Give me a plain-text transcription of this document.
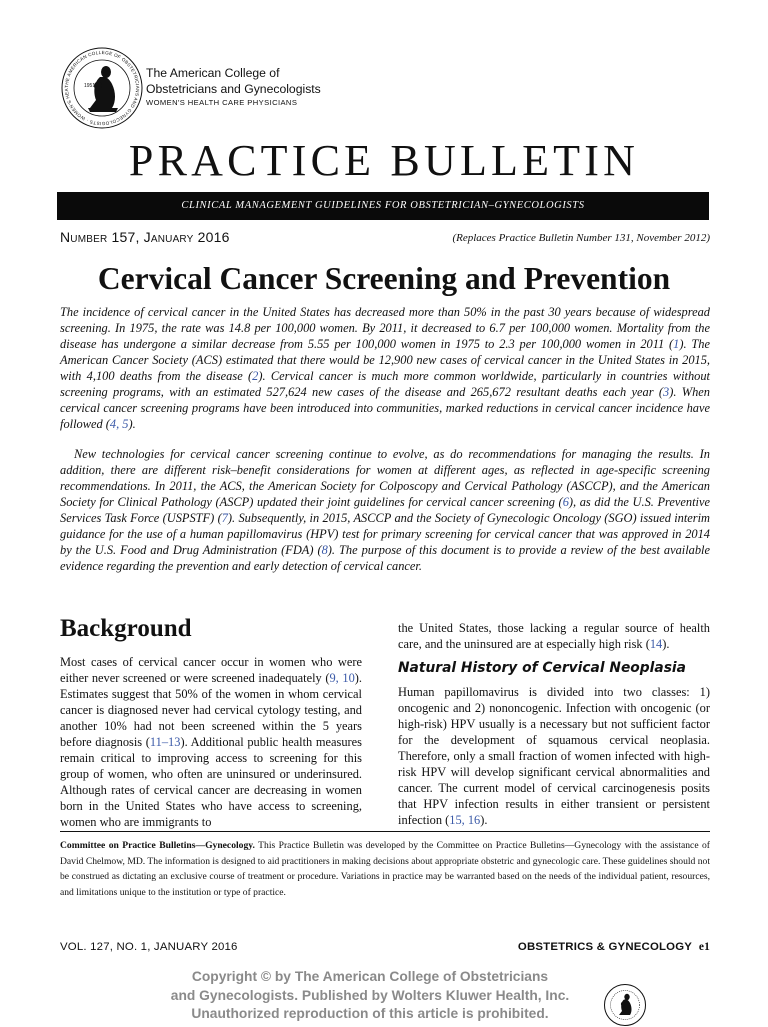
THE AMERICAN COLLEGE OF OBSTETRICIANS AND GYNECOLOGISTS · WOMEN'S HEA
1951
The American College of
Obstetricians and Gynecologists
WOMEN'S HEALTH CARE PHYSICIANS
PRACTICE BULLETIN
CLINICAL MANAGEMENT GUIDELINES FOR OBSTETRICIAN–GYNECOLOGISTS
Number 157, January 2016	(Replaces Practice Bulletin Number 131, November 2012)
Cervical Cancer Screening and Prevention
The incidence of cervical cancer in the United States has decreased more than 50% in the past 30 years because of widespread screening. In 1975, the rate was 14.8 per 100,000 women. By 2011, it decreased to 6.7 per 100,000 women. Mortality from the disease has undergone a similar decrease from 5.55 per 100,000 women in 1975 to 2.3 per 100,000 women in 2011 (1). The American Cancer Society (ACS) estimated that there would be 12,900 new cases of cervical cancer in the United States in 2015, with 4,100 deaths from the disease (2). Cervical cancer is much more common worldwide, particularly in countries without screening programs, with an estimated 527,624 new cases of the disease and 265,672 resultant deaths each year (3). When cervical cancer screening programs have been introduced into communities, marked reductions in cervical cancer incidence have followed (4, 5).
New technologies for cervical cancer screening continue to evolve, as do recommendations for managing the results. In addition, there are different risk–benefit considerations for women at different ages, as reflected in age-specific screening recommendations. In 2011, the ACS, the American Society for Colposcopy and Cervical Pathology (ASCCP), and the American Society for Clinical Pathology (ASCP) updated their joint guidelines for cervical cancer screening (6), as did the U.S. Preventive Services Task Force (USPSTF) (7). Subsequently, in 2015, ASCCP and the Society of Gynecologic Oncology (SGO) issued interim guidance for the use of a human papillomavirus (HPV) test for primary screening for cervical cancer that was approved in 2014 by the U.S. Food and Drug Administration (FDA) (8). The purpose of this document is to provide a review of the best available evidence regarding the prevention and early detection of cervical cancer.
Background
Most cases of cervical cancer occur in women who were either never screened or were screened inadequately (9, 10). Estimates suggest that 50% of the women in whom cervical cancer is diagnosed never had cervical cytology testing, and another 10% had not been screened within the 5 years before diagnosis (11–13). Additional public health measures remain critical to improving access to screening for this group of women, who often are uninsured or underinsured. Although rates of cervical cancer are decreasing in women born in the United States who have access to screening, women who are immigrants to
the United States, those lacking a regular source of health care, and the uninsured are at especially high risk (14).
Natural History of Cervical Neoplasia
Human papillomavirus is divided into two classes: 1) oncogenic and 2) nononcogenic. Infection with oncogenic (or high-risk) HPV usually is a necessary but not sufficient factor for the development of squamous cervical neoplasia. Therefore, only a small fraction of women infected with high-risk HPV will develop significant cervical abnormalities and cancer. The current model of cervical carcinogenesis posits that HPV infection results in either transient or persistent infection (15, 16).
Committee on Practice Bulletins—Gynecology. This Practice Bulletin was developed by the Committee on Practice Bulletins—Gynecology with the assistance of David Chelmow, MD. The information is designed to aid practitioners in making decisions about appropriate obstetric and gynecologic care. These guidelines should not be construed as dictating an exclusive course of treatment or procedure. Variations in practice may be warranted based on the needs of the individual patient, resources, and limitations unique to the institution or type of practice.
VOL. 127, NO. 1, JANUARY 2016	OBSTETRICS & GYNECOLOGY e1
Copyright © by The American College of Obstetricians
and Gynecologists. Published by Wolters Kluwer Health, Inc.
Unauthorized reproduction of this article is prohibited.
